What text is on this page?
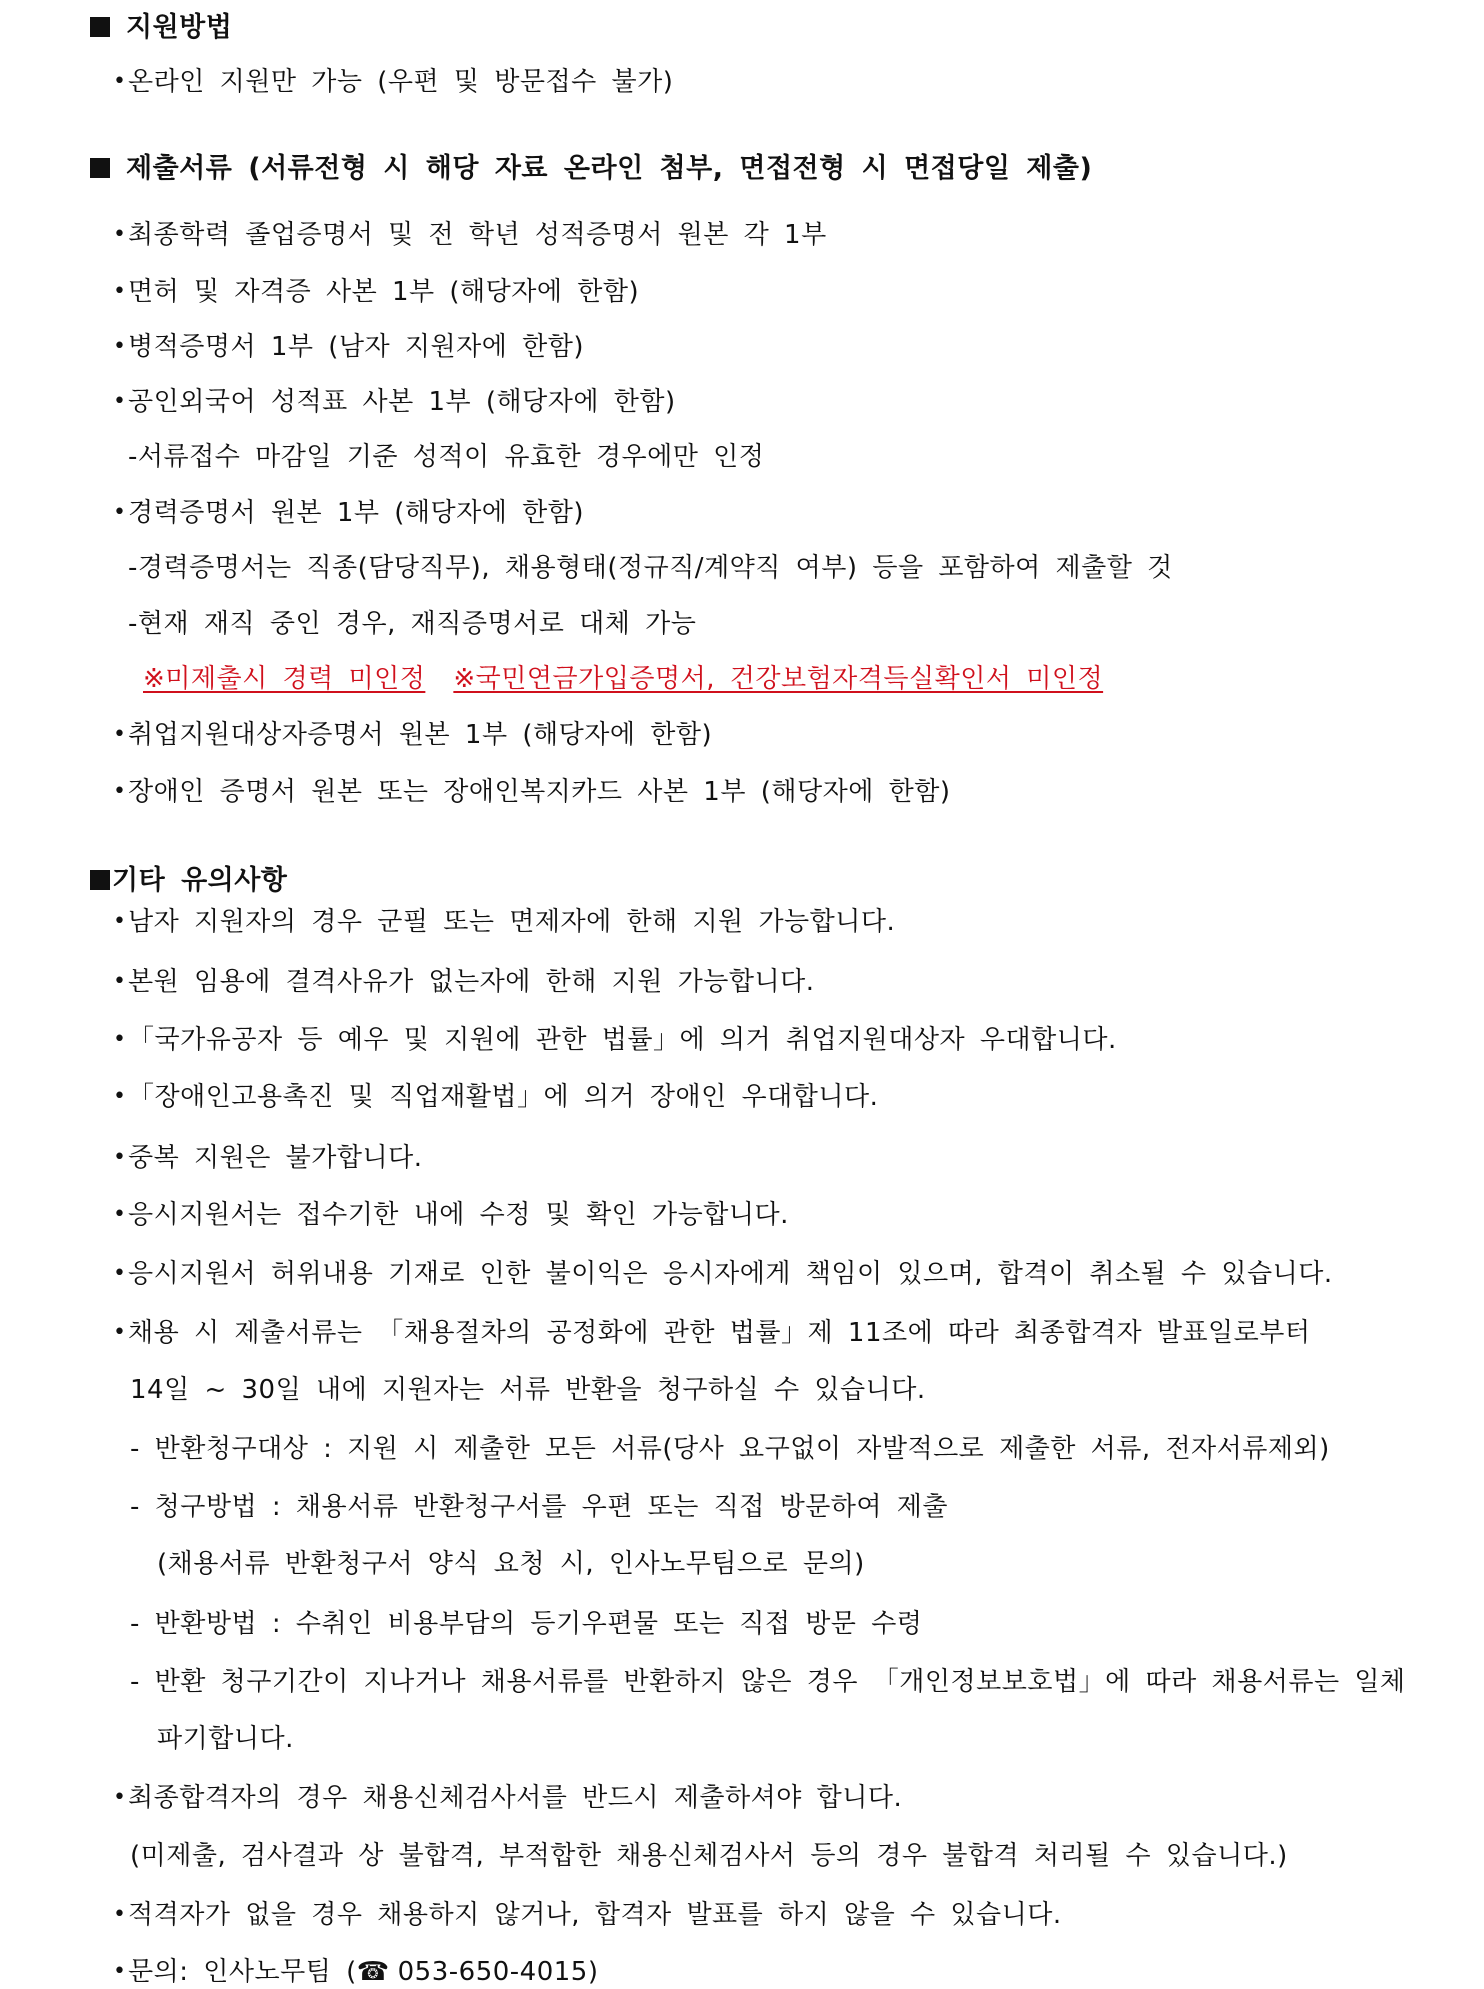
지원방법
• 온라인 지원만 가능 (우편 및 방문접수 불가)
제출서류 (서류전형 시 해당 자료 온라인 첨부, 면접전형 시 면접당일 제출)
• 최종학력 졸업증명서 및 전 학년 성적증명서 원본 각 1부
• 면허 및 자격증 사본 1부 (해당자에 한함)
• 병적증명서 1부 (남자 지원자에 한함)
• 공인외국어 성적표 사본 1부 (해당자에 한함)
-서류접수 마감일 기준 성적이 유효한 경우에만 인정
• 경력증명서 원본 1부 (해당자에 한함)
-경력증명서는 직종(담당직무), 채용형태(정규직/계약직 여부) 등을 포함하여 제출할 것
-현재 재직 중인 경우, 재직증명서로 대체 가능
※미제출시 경력 미인정 ※국민연금가입증명서, 건강보험자격득실확인서 미인정
• 취업지원대상자증명서 원본 1부 (해당자에 한함)
• 장애인 증명서 원본 또는 장애인복지카드 사본 1부 (해당자에 한함)
기타 유의사항
• 남자 지원자의 경우 군필 또는 면제자에 한해 지원 가능합니다.
• 본원 임용에 결격사유가 없는자에 한해 지원 가능합니다.
• 「국가유공자 등 예우 및 지원에 관한 법률」에 의거 취업지원대상자 우대합니다.
• 「장애인고용촉진 및 직업재활법」에 의거 장애인 우대합니다.
• 중복 지원은 불가합니다.
• 응시지원서는 접수기한 내에 수정 및 확인 가능합니다.
• 응시지원서 허위내용 기재로 인한 불이익은 응시자에게 책임이 있으며, 합격이 취소될 수 있습니다.
• 채용 시 제출서류는 「채용절차의 공정화에 관한 법률」제 11조에 따라 최종합격자 발표일로부터
14일 ~ 30일 내에 지원자는 서류 반환을 청구하실 수 있습니다.
- 반환청구대상 : 지원 시 제출한 모든 서류(당사 요구없이 자발적으로 제출한 서류, 전자서류제외)
- 청구방법 : 채용서류 반환청구서를 우편 또는 직접 방문하여 제출
(채용서류 반환청구서 양식 요청 시, 인사노무팀으로 문의)
- 반환방법 : 수취인 비용부담의 등기우편물 또는 직접 방문 수령
- 반환 청구기간이 지나거나 채용서류를 반환하지 않은 경우 「개인정보보호법」에 따라 채용서류는 일체
파기합니다.
• 최종합격자의 경우 채용신체검사서를 반드시 제출하셔야 합니다.
(미제출, 검사결과 상 불합격, 부적합한 채용신체검사서 등의 경우 불합격 처리될 수 있습니다.)
• 적격자가 없을 경우 채용하지 않거나, 합격자 발표를 하지 않을 수 있습니다.
• 문의: 인사노무팀 (☎ 053-650-4015)
